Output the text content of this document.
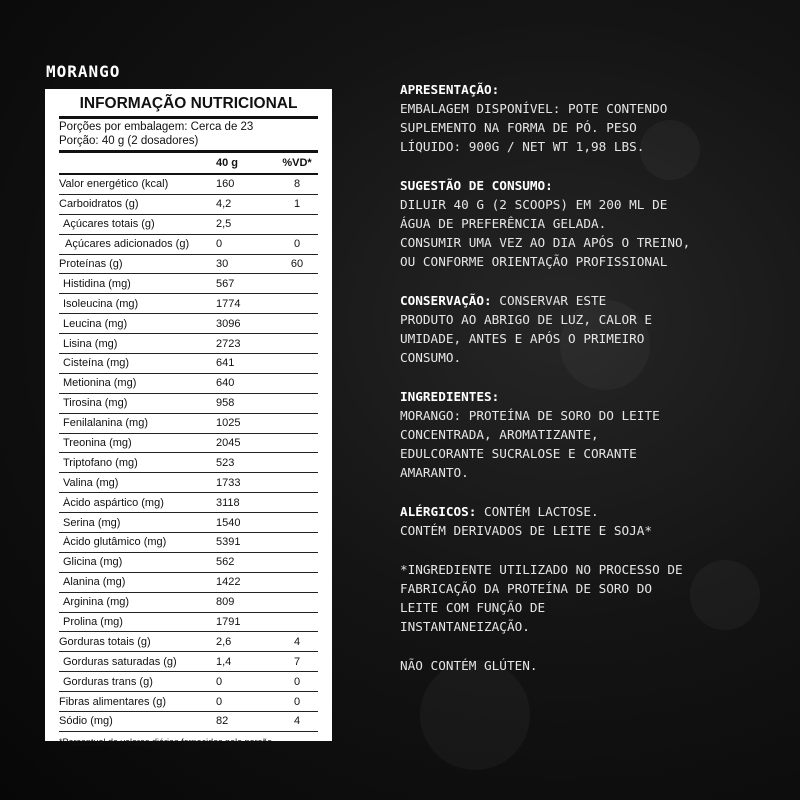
MORANGO
INFORMAÇÃO NUTRICIONAL
Porções por embalagem: Cerca de 23
Porção: 40 g (2 dosadores)
40 g	%VD*
Valor energético (kcal)	160	8
Carboidratos (g)	4,2	1
Açúcares totais (g)	2,5
Açúcares adicionados (g)	0	0
Proteínas (g)	30	60
Histidina (mg)	567
Isoleucina (mg)	1774
Leucina (mg)	3096
Lisina (mg)	2723
Cisteína (mg)	641
Metionina (mg)	640
Tirosina (mg)	958
Fenilalanina (mg)	1025
Treonina (mg)	2045
Triptofano (mg)	523
Valina (mg)	1733
Ácido aspártico (mg)	3118
Serina (mg)	1540
Ácido glutâmico (mg)	5391
Glicina (mg)	562
Alanina (mg)	1422
Arginina (mg)	809
Prolina (mg)	1791
Gorduras totais (g)	2,6	4
Gorduras saturadas (g)	1,4	7
Gorduras trans (g)	0	0
Fibras alimentares (g)	0	0
Sódio (mg)	82	4
*Percentual de valores diários fornecidos pela porção.
APRESENTAÇÃO:
EMBALAGEM DISPONÍVEL: POTE CONTENDO
SUPLEMENTO NA FORMA DE PÓ. PESO
LÍQUIDO: 900G / NET WT 1,98 LBS.
SUGESTÃO DE CONSUMO:
DILUIR 40 G (2 SCOOPS) EM 200 ML DE
ÁGUA DE PREFERÊNCIA GELADA.
CONSUMIR UMA VEZ AO DIA APÓS O TREINO,
OU CONFORME ORIENTAÇÃO PROFISSIONAL
CONSERVAÇÃO: CONSERVAR ESTE
PRODUTO AO ABRIGO DE LUZ, CALOR E
UMIDADE, ANTES E APÓS O PRIMEIRO
CONSUMO.
INGREDIENTES:
MORANGO: PROTEÍNA DE SORO DO LEITE
CONCENTRADA, AROMATIZANTE,
EDULCORANTE SUCRALOSE E CORANTE
AMARANTO.
ALÉRGICOS: CONTÉM LACTOSE.
CONTÉM DERIVADOS DE LEITE E SOJA*
*INGREDIENTE UTILIZADO NO PROCESSO DE
FABRICAÇÃO DA PROTEÍNA DE SORO DO
LEITE COM FUNÇÃO DE
INSTANTANEIZAÇÃO.
NÃO CONTÉM GLÚTEN.
